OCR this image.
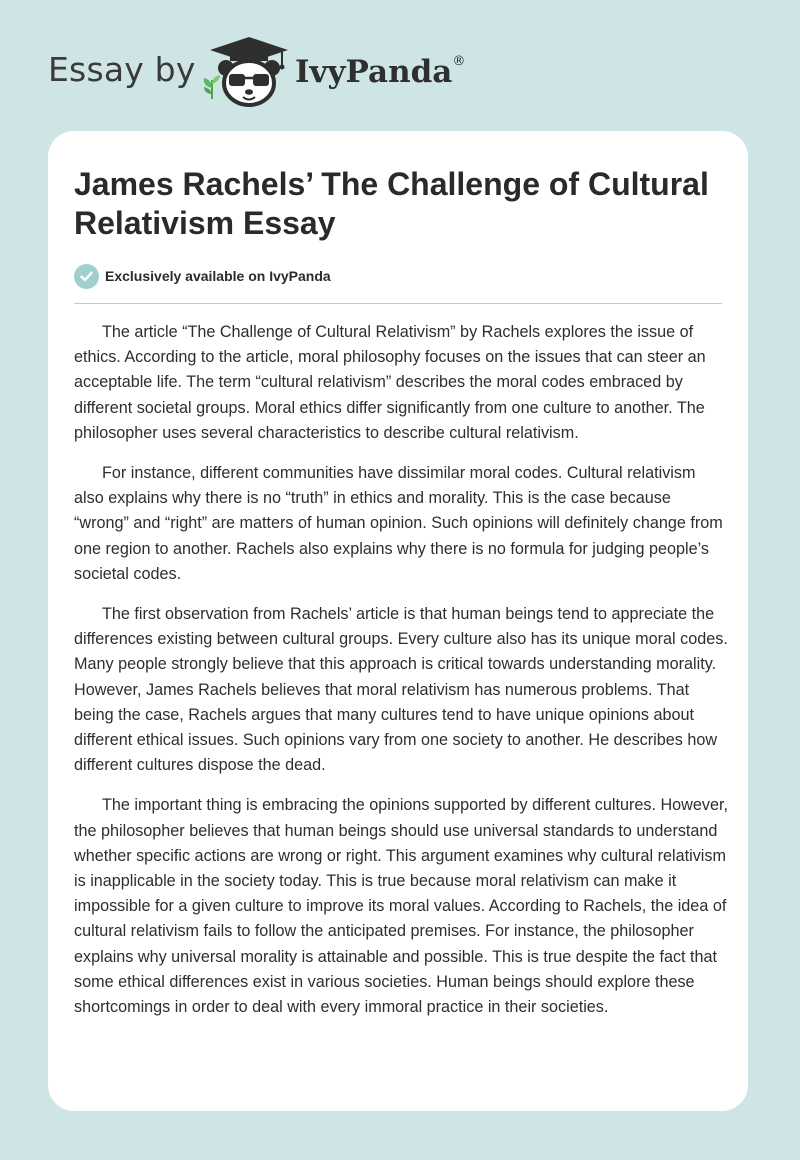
Essay by	IvyPanda®
James Rachels’ The Challenge of Cultural Relativism Essay
Exclusively available on IvyPanda

The article “The Challenge of Cultural Relativism” by Rachels explores the issue of ethics. According to the article, moral philosophy focuses on the issues that can steer an acceptable life. The term “cultural relativism” describes the moral codes embraced by different societal groups. Moral ethics differ significantly from one culture to another. The philosopher uses several characteristics to describe cultural relativism.

For instance, different communities have dissimilar moral codes. Cultural relativism also explains why there is no “truth” in ethics and morality. This is the case because “wrong” and “right” are matters of human opinion. Such opinions will definitely change from one region to another. Rachels also explains why there is no formula for judging people’s societal codes.

The first observation from Rachels’ article is that human beings tend to appreciate the differences existing between cultural groups. Every culture also has its unique moral codes. Many people strongly believe that this approach is critical towards understanding morality. However, James Rachels believes that moral relativism has numerous problems. That being the case, Rachels argues that many cultures tend to have unique opinions about different ethical issues. Such opinions vary from one society to another. He describes how different cultures dispose the dead.

The important thing is embracing the opinions supported by different cultures. However, the philosopher believes that human beings should use universal standards to understand whether specific actions are wrong or right. This argument examines why cultural relativism is inapplicable in the society today. This is true because moral relativism can make it impossible for a given culture to improve its moral values. According to Rachels, the idea of cultural relativism fails to follow the anticipated premises. For instance, the philosopher explains why universal morality is attainable and possible. This is true despite the fact that some ethical differences exist in various societies. Human beings should explore these shortcomings in order to deal with every immoral practice in their societies.
